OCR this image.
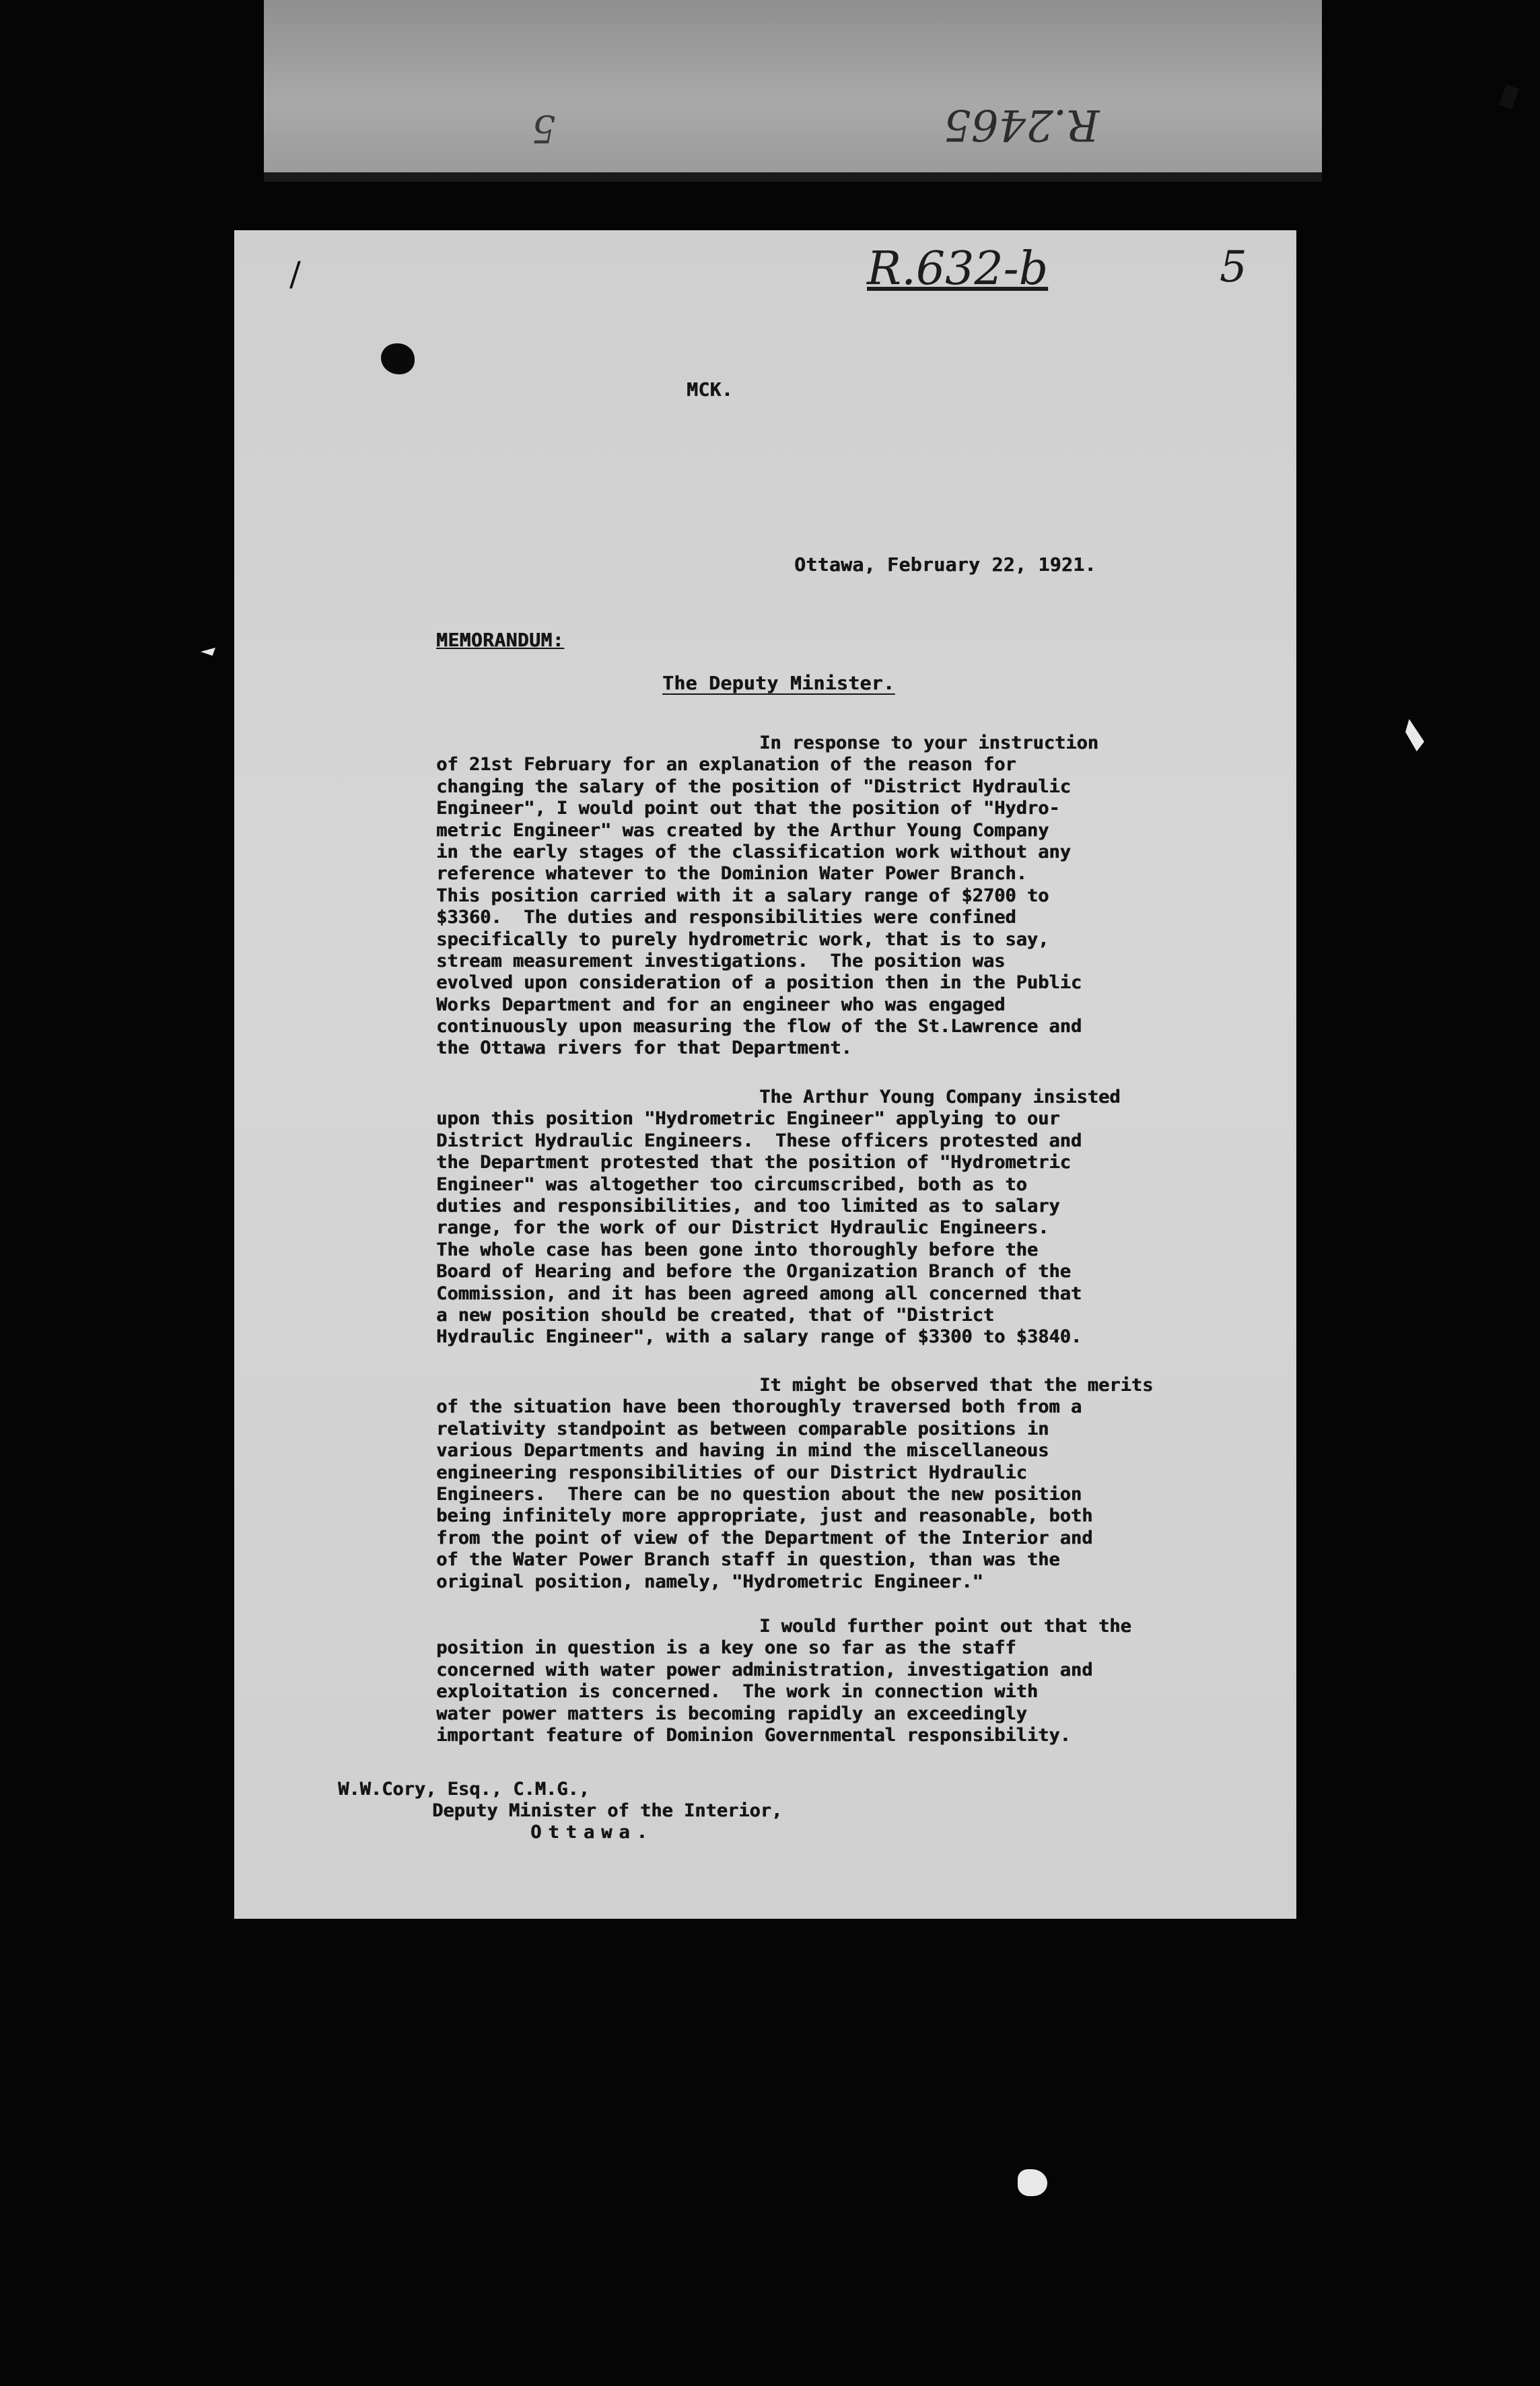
R.2465
5
/	R.632-b	5
MCK.
Ottawa, February 22, 1921.
MEMORANDUM:
The Deputy Minister.
In response to your instruction
of 21st February for an explanation of the reason for
changing the salary of the position of "District Hydraulic
Engineer", I would point out that the position of "Hydro-
metric Engineer" was created by the Arthur Young Company
in the early stages of the classification work without any
reference whatever to the Dominion Water Power Branch.
This position carried with it a salary range of $2700 to
$3360.  The duties and responsibilities were confined
specifically to purely hydrometric work, that is to say,
stream measurement investigations.  The position was
evolved upon consideration of a position then in the Public
Works Department and for an engineer who was engaged
continuously upon measuring the flow of the St.Lawrence and
the Ottawa rivers for that Department.
The Arthur Young Company insisted
upon this position "Hydrometric Engineer" applying to our
District Hydraulic Engineers.  These officers protested and
the Department protested that the position of "Hydrometric
Engineer" was altogether too circumscribed, both as to
duties and responsibilities, and too limited as to salary
range, for the work of our District Hydraulic Engineers.
The whole case has been gone into thoroughly before the
Board of Hearing and before the Organization Branch of the
Commission, and it has been agreed among all concerned that
a new position should be created, that of "District
Hydraulic Engineer", with a salary range of $3300 to $3840.
It might be observed that the merits
of the situation have been thoroughly traversed both from a
relativity standpoint as between comparable positions in
various Departments and having in mind the miscellaneous
engineering responsibilities of our District Hydraulic
Engineers.  There can be no question about the new position
being infinitely more appropriate, just and reasonable, both
from the point of view of the Department of the Interior and
of the Water Power Branch staff in question, than was the
original position, namely, "Hydrometric Engineer."
I would further point out that the
position in question is a key one so far as the staff
concerned with water power administration, investigation and
exploitation is concerned.  The work in connection with
water power matters is becoming rapidly an exceedingly
important feature of Dominion Governmental responsibility.
W.W.Cory, Esq., C.M.G.,
Deputy Minister of the Interior,
Ottawa.
